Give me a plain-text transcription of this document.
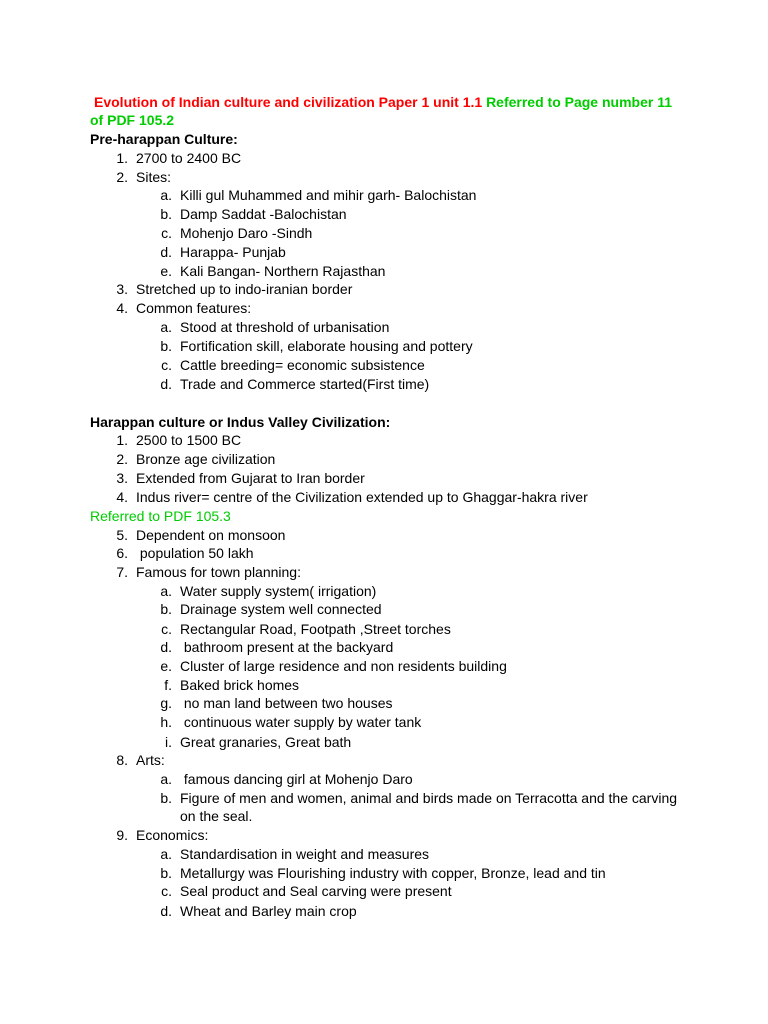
Evolution of Indian culture and civilization Paper 1 unit 1.1 Referred to Page number 11
of PDF 105.2
Pre-harappan Culture:
1. 2700 to 2400 BC
2. Sites:
a. Killi gul Muhammed and mihir garh- Balochistan
b. Damp Saddat -Balochistan
c. Mohenjo Daro -Sindh
d. Harappa- Punjab
e. Kali Bangan- Northern Rajasthan
3. Stretched up to indo-iranian border
4. Common features:
a. Stood at threshold of urbanisation
b. Fortification skill, elaborate housing and pottery
c. Cattle breeding= economic subsistence
d. Trade and Commerce started(First time)
Harappan culture or Indus Valley Civilization:
1. 2500 to 1500 BC
2. Bronze age civilization
3. Extended from Gujarat to Iran border
4. Indus river= centre of the Civilization extended up to Ghaggar-hakra river
Referred to PDF 105.3
5. Dependent on monsoon
6. population 50 lakh
7. Famous for town planning:
a. Water supply system( irrigation)
b. Drainage system well connected
c. Rectangular Road, Footpath ,Street torches
d. bathroom present at the backyard
e. Cluster of large residence and non residents building
f. Baked brick homes
g. no man land between two houses
h. continuous water supply by water tank
i. Great granaries, Great bath
8. Arts:
a. famous dancing girl at Mohenjo Daro
b. Figure of men and women, animal and birds made on Terracotta and the carving
on the seal.
9. Economics:
a. Standardisation in weight and measures
b. Metallurgy was Flourishing industry with copper, Bronze, lead and tin
c. Seal product and Seal carving were present
d. Wheat and Barley main crop
